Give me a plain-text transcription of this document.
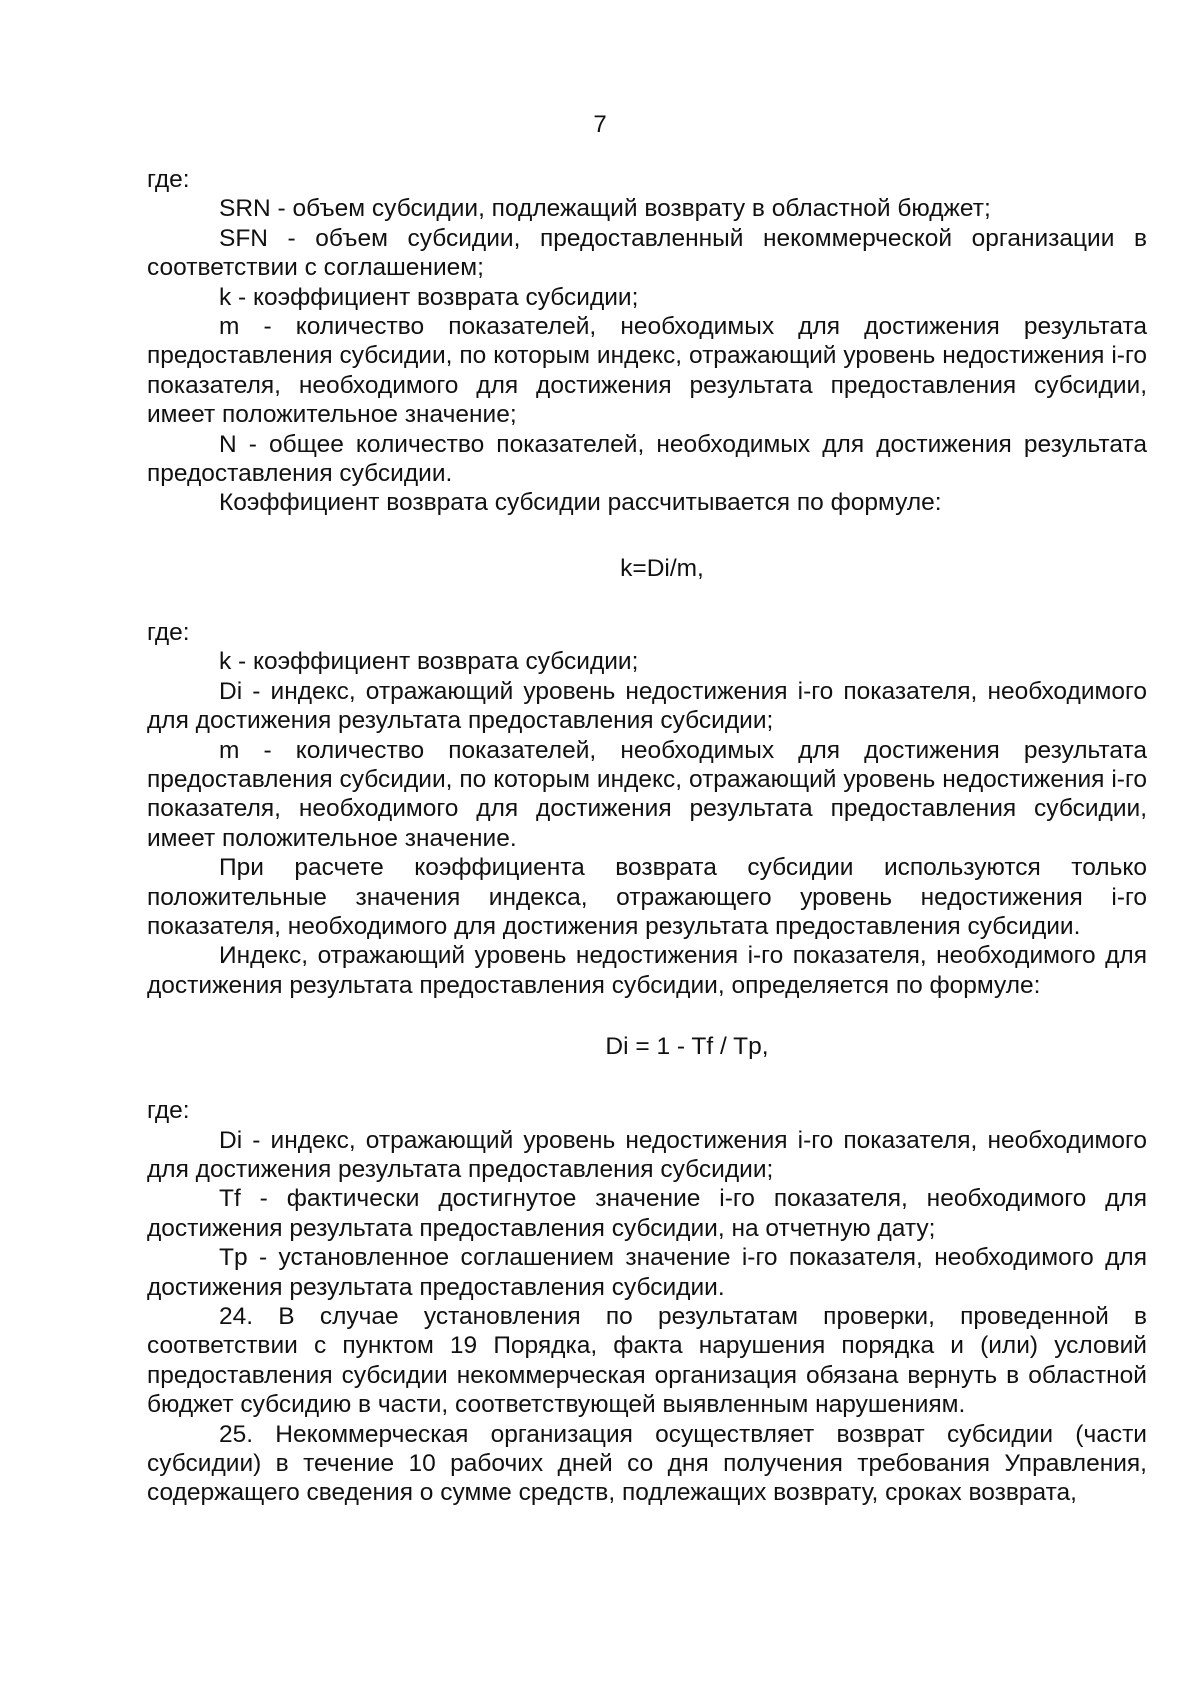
7

где:

SRN - объем субсидии, подлежащий возврату в областной бюджет;

SFN - объем субсидии, предоставленный некоммерческой организации в соответствии с соглашением;

k - коэффициент возврата субсидии;

m - количество показателей, необходимых для достижения результата предоставления субсидии, по которым индекс, отражающий уровень недостижения i-го показателя, необходимого для достижения результата предоставления субсидии, имеет положительное значение;

N - общее количество показателей, необходимых для достижения результата предоставления субсидии.

Коэффициент возврата субсидии рассчитывается по формуле:

k=Di/m,

где:

k - коэффициент возврата субсидии;

Di - индекс, отражающий уровень недостижения i-го показателя, необходимого для достижения результата предоставления субсидии;

m - количество показателей, необходимых для достижения результата предоставления субсидии, по которым индекс, отражающий уровень недостижения i-го показателя, необходимого для достижения результата предоставления субсидии, имеет положительное значение.

При расчете коэффициента возврата субсидии используются только положительные значения индекса, отражающего уровень недостижения i-го показателя, необходимого для достижения результата предоставления субсидии.

Индекс, отражающий уровень недостижения i-го показателя, необходимого для достижения результата предоставления субсидии, определяется по формуле:

Di = 1 - Tf / Tp,

где:

Di - индекс, отражающий уровень недостижения i-го показателя, необходимого для достижения результата предоставления субсидии;

Tf - фактически достигнутое значение i-го показателя, необходимого для достижения результата предоставления субсидии, на отчетную дату;

Tp - установленное соглашением значение i-го показателя, необходимого для достижения результата предоставления субсидии.

24. В случае установления по результатам проверки, проведенной в соответствии с пунктом 19 Порядка, факта нарушения порядка и (или) условий предоставления субсидии некоммерческая организация обязана вернуть в областной бюджет субсидию в части, соответствующей выявленным нарушениям.

25. Некоммерческая организация осуществляет возврат субсидии (части субсидии) в течение 10 рабочих дней со дня получения требования Управления, содержащего сведения о сумме средств, подлежащих возврату, сроках возврата,
